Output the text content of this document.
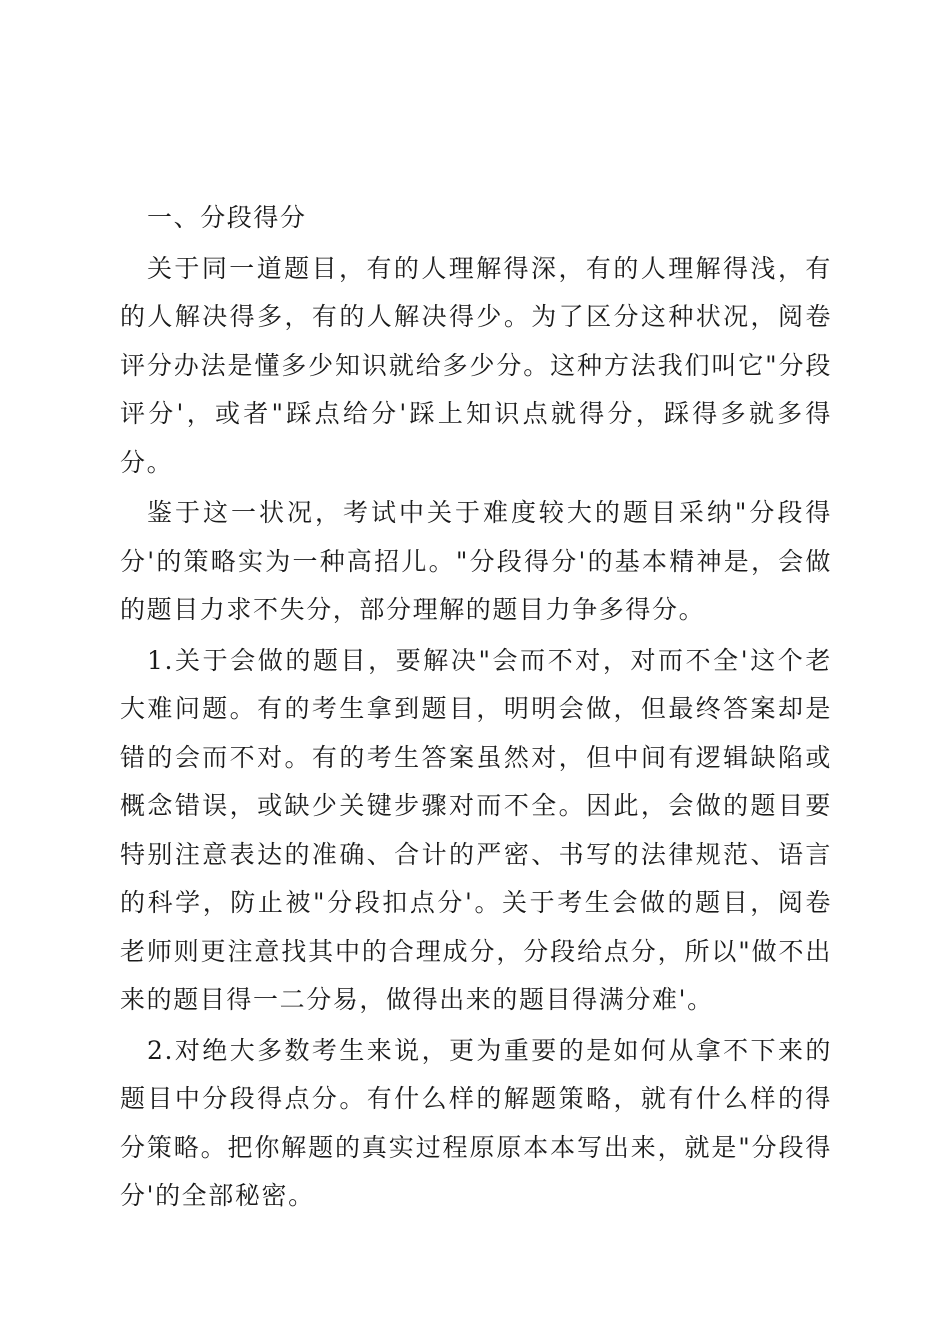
一、分段得分

关于同一道题目，有的人理解得深，有的人理解得浅，有的人解决得多，有的人解决得少。为了区分这种状况，阅卷评分办法是懂多少知识就给多少分。这种方法我们叫它"分段评分'，或者"踩点给分'踩上知识点就得分，踩得多就多得分。

鉴于这一状况，考试中关于难度较大的题目采纳"分段得分'的策略实为一种高招儿。"分段得分'的基本精神是，会做的题目力求不失分，部分理解的题目力争多得分。

1.关于会做的题目，要解决"会而不对，对而不全'这个老大难问题。有的考生拿到题目，明明会做，但最终答案却是错的会而不对。有的考生答案虽然对，但中间有逻辑缺陷或概念错误，或缺少关键步骤对而不全。因此，会做的题目要特别注意表达的准确、合计的严密、书写的法律规范、语言的科学，防止被"分段扣点分'。关于考生会做的题目，阅卷老师则更注意找其中的合理成分，分段给点分，所以"做不出来的题目得一二分易，做得出来的题目得满分难'。

2.对绝大多数考生来说，更为重要的是如何从拿不下来的题目中分段得点分。有什么样的解题策略，就有什么样的得分策略。把你解题的真实过程原原本本写出来，就是"分段得分'的全部秘密。
